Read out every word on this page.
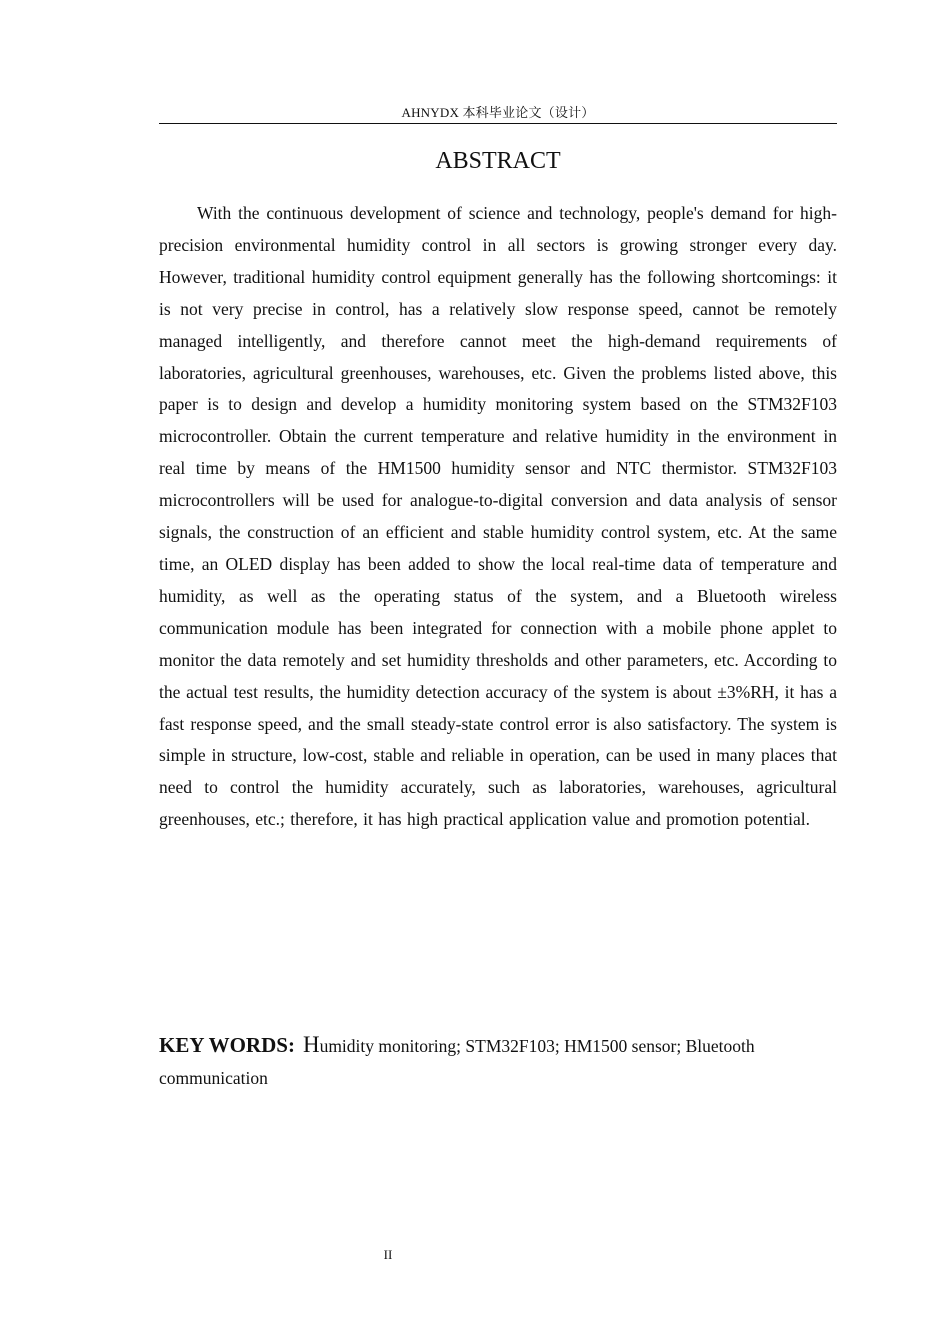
AHNYDX 本科毕业论文（设计）
ABSTRACT

With the continuous development of science and technology, people's demand for high-precision environmental humidity control in all sectors is growing stronger every day. However, traditional humidity control equipment generally has the following shortcomings: it is not very precise in control, has a relatively slow response speed, cannot be remotely managed intelligently, and therefore cannot meet the high-demand requirements of laboratories, agricultural greenhouses, warehouses, etc. Given the problems listed above, this paper is to design and develop a humidity monitoring system based on the STM32F103 microcontroller. Obtain the current temperature and relative humidity in the environment in real time by means of the HM1500 humidity sensor and NTC thermistor. STM32F103 microcontrollers will be used for analogue-to-digital conversion and data analysis of sensor signals, the construction of an efficient and stable humidity control system, etc. At the same time, an OLED display has been added to show the local real-time data of temperature and humidity, as well as the operating status of the system, and a Bluetooth wireless communication module has been integrated for connection with a mobile phone applet to monitor the data remotely and set humidity thresholds and other parameters, etc. According to the actual test results, the humidity detection accuracy of the system is about ±3%RH, it has a fast response speed, and the small steady-state control error is also satisfactory. The system is simple in structure, low-cost, stable and reliable in operation, can be used in many places that need to control the humidity accurately, such as laboratories, warehouses, agricultural greenhouses, etc.; therefore, it has high practical application value and promotion potential.

KEY WORDS: Humidity monitoring; STM32F103; HM1500 sensor; Bluetooth communication

II
